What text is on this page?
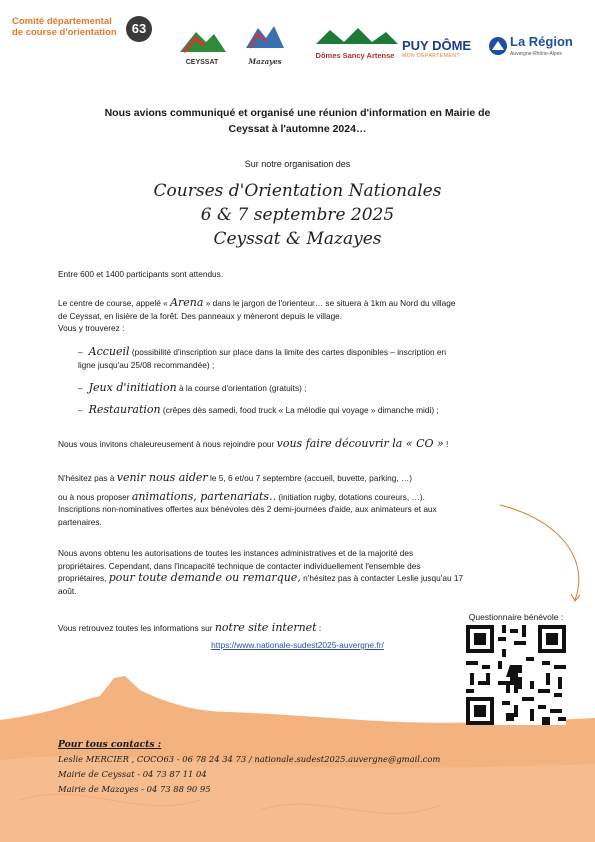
Comité départemental
de course d'orientation	63
CEYSSAT	Mazayes
Dômes Sancy Artense
PUY DÔME
MON DÉPARTEMENT
La Région
Auvergne-Rhône-Alpes
Nous avions communiqué et organisé une réunion d'information en Mairie de
Ceyssat à l'automne 2024…
Sur notre organisation des
Courses d'Orientation Nationales
6 & 7 septembre 2025
Ceyssat & Mazayes
Entre 600 et 1400 participants sont attendus.
Le centre de course, appelé « Arena » dans le jargon de l'orienteur… se situera à 1km au Nord du village
de Ceyssat, en lisière de la forêt. Des panneaux y mèneront depuis le village.
Vous y trouverez :
– Accueil (possibilité d'inscription sur place dans la limite des cartes disponibles – inscription en
ligne jusqu'au 25/08 recommandée) ;
– Jeux d'initiation à la course d'orientation (gratuits) ;
– Restauration (crêpes dès samedi, food truck « La mélodie qui voyage » dimanche midi) ;
Nous vous invitons chaleureusement à nous rejoindre pour vous faire découvrir la « CO » !
N'hésitez pas à venir nous aider le 5, 6 et/ou 7 septembre (accueil, buvette, parking, …)
ou à nous proposer animations, partenariats.. (initiation rugby, dotations coureurs, …).
Inscriptions non-nominatives offertes aux bénévoles dès 2 demi-journées d'aide, aux animateurs et aux
partenaires.
Nous avons obtenu les autorisations de toutes les instances administratives et de la majorité des
propriétaires. Cependant, dans l'incapacité technique de contacter individuellement l'ensemble des
propriétaires, pour toute demande ou remarque, n'hésitez pas à contacter Leslie jusqu'au 17
août.
Vous retrouvez toutes les informations sur notre site internet :
https://www.nationale-sudest2025-auvergne.fr/
Questionnaire bénévole :
Pour tous contacts :
Leslie MERCIER , COCO63 - 06 78 24 34 73 / nationale.sudest2025.auvergne@gmail.com
Mairie de Ceyssat - 04 73 87 11 04
Mairie de Mazayes - 04 73 88 90 95
